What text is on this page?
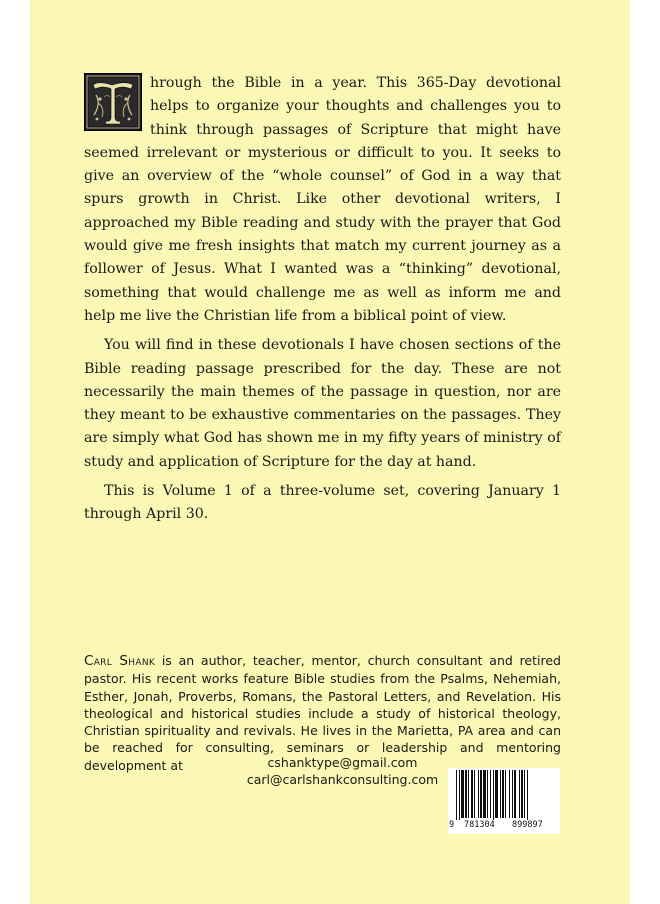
hrough the Bible in a year. This 365-Day devotional helps to organize your thoughts and challenges you to think through passages of Scripture that might have seemed irrelevant or mysterious or difficult to you. It seeks to give an overview of the “whole counsel” of God in a way that spurs growth in Christ. Like other devotional writers, I approached my Bible reading and study with the prayer that God would give me fresh insights that match my current journey as a follower of Jesus. What I wanted was a “thinking” devotional, something that would challenge me as well as inform me and help me live the Christian life from a biblical point of view.

You will find in these devotionals I have chosen sections of the Bible reading passage prescribed for the day. These are not necessarily the main themes of the passage in question, nor are they meant to be exhaustive commentaries on the passages. They are simply what God has shown me in my fifty years of ministry of study and application of Scripture for the day at hand.

This is Volume 1 of a three-volume set, covering January 1 through April 30.

Carl Shank is an author, teacher, mentor, church consultant and retired pastor. His recent works feature Bible studies from the Psalms, Nehemiah, Esther, Jonah, Proverbs, Romans, the Pastoral Letters, and Revelation. His theological and historical studies include a study of historical theology, Christian spirituality and revivals. He lives in the Marietta, PA area and can be reached for consulting, seminars or leadership and mentoring development at	cshanktype@gmail.com
carl@carlshankconsulting.com
9 781304 899897
